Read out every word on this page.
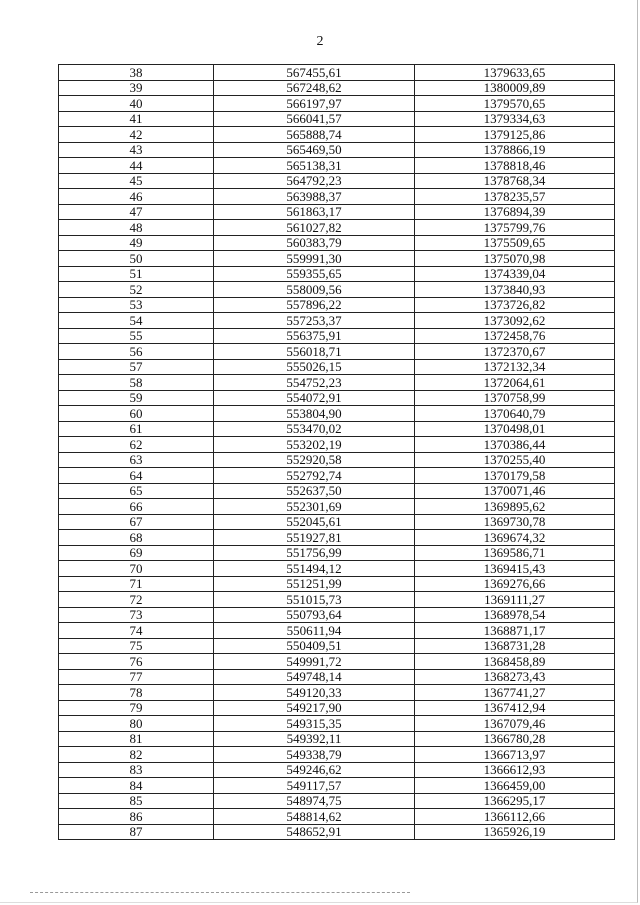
2
38	567455,61	1379633,65
39	567248,62	1380009,89
40	566197,97	1379570,65
41	566041,57	1379334,63
42	565888,74	1379125,86
43	565469,50	1378866,19
44	565138,31	1378818,46
45	564792,23	1378768,34
46	563988,37	1378235,57
47	561863,17	1376894,39
48	561027,82	1375799,76
49	560383,79	1375509,65
50	559991,30	1375070,98
51	559355,65	1374339,04
52	558009,56	1373840,93
53	557896,22	1373726,82
54	557253,37	1373092,62
55	556375,91	1372458,76
56	556018,71	1372370,67
57	555026,15	1372132,34
58	554752,23	1372064,61
59	554072,91	1370758,99
60	553804,90	1370640,79
61	553470,02	1370498,01
62	553202,19	1370386,44
63	552920,58	1370255,40
64	552792,74	1370179,58
65	552637,50	1370071,46
66	552301,69	1369895,62
67	552045,61	1369730,78
68	551927,81	1369674,32
69	551756,99	1369586,71
70	551494,12	1369415,43
71	551251,99	1369276,66
72	551015,73	1369111,27
73	550793,64	1368978,54
74	550611,94	1368871,17
75	550409,51	1368731,28
76	549991,72	1368458,89
77	549748,14	1368273,43
78	549120,33	1367741,27
79	549217,90	1367412,94
80	549315,35	1367079,46
81	549392,11	1366780,28
82	549338,79	1366713,97
83	549246,62	1366612,93
84	549117,57	1366459,00
85	548974,75	1366295,17
86	548814,62	1366112,66
87	548652,91	1365926,19
